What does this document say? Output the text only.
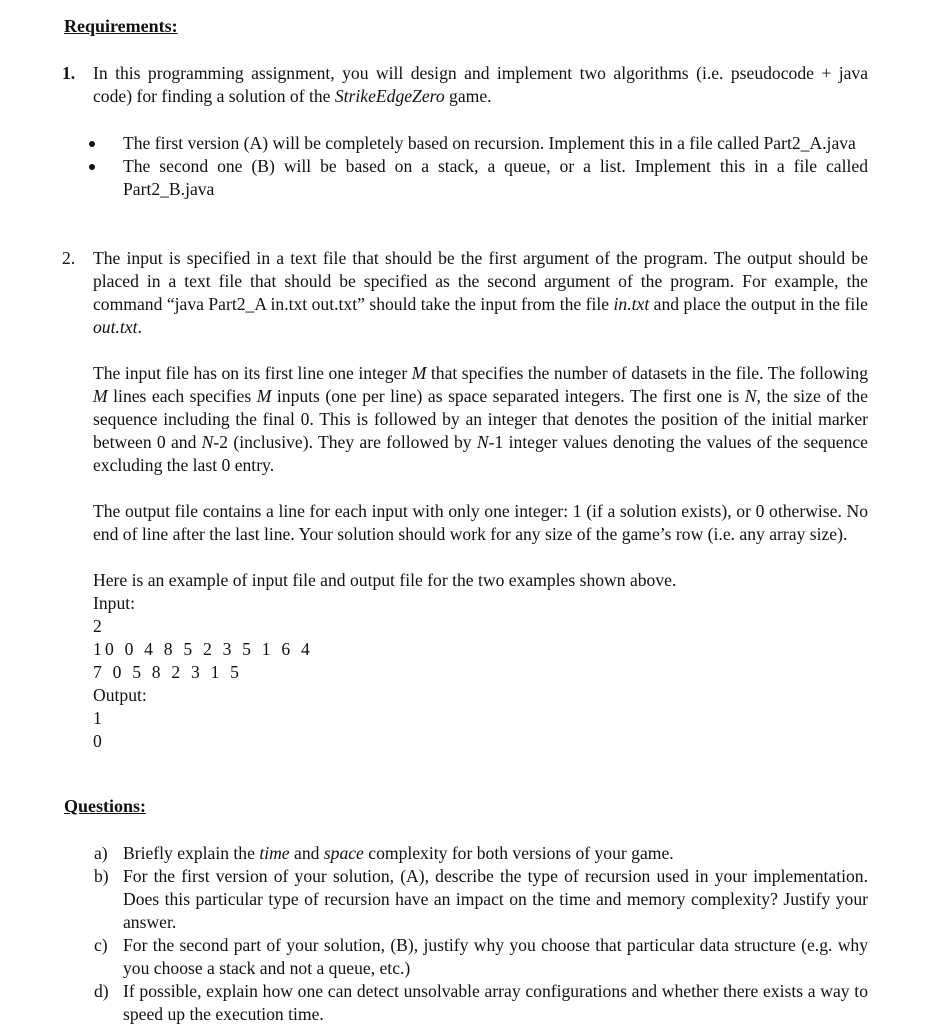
Requirements:
1.	In this programming assignment, you will design and implement two algorithms (i.e. pseudocode + java code) for finding a solution of the StrikeEdgeZero game.
The first version (A) will be completely based on recursion. Implement this in a file called Part2_A.java
The second one (B) will be based on a stack, a queue, or a list. Implement this in a file called Part2_B.java
2.	The input is specified in a text file that should be the first argument of the program. The output should be placed in a text file that should be specified as the second argument of the program. For example, the command “java Part2_A in.txt out.txt” should take the input from the file in.txt and place the output in the file out.txt.

The input file has on its first line one integer M that specifies the number of datasets in the file. The following M lines each specifies M inputs (one per line) as space separated integers. The first one is N, the size of the sequence including the final 0. This is followed by an integer that denotes the position of the initial marker between 0 and N-2 (inclusive). They are followed by N-1 integer values denoting the values of the sequence excluding the last 0 entry.

The output file contains a line for each input with only one integer: 1 (if a solution exists), or 0 otherwise. No end of line after the last line. Your solution should work for any size of the game’s row (i.e. any array size).

Here is an example of input file and output file for the two examples shown above.

Input:
2
10 0 4 8 5 2 3 5 1 6 4
7 0 5 8 2 3 1 5
Output:
1
0
Questions:
a) Briefly explain the time and space complexity for both versions of your game.
b) For the first version of your solution, (A), describe the type of recursion used in your implementation. Does this particular type of recursion have an impact on the time and memory complexity? Justify your answer.
c) For the second part of your solution, (B), justify why you choose that particular data structure (e.g. why you choose a stack and not a queue, etc.)
d) If possible, explain how one can detect unsolvable array configurations and whether there exists a way to speed up the execution time.
